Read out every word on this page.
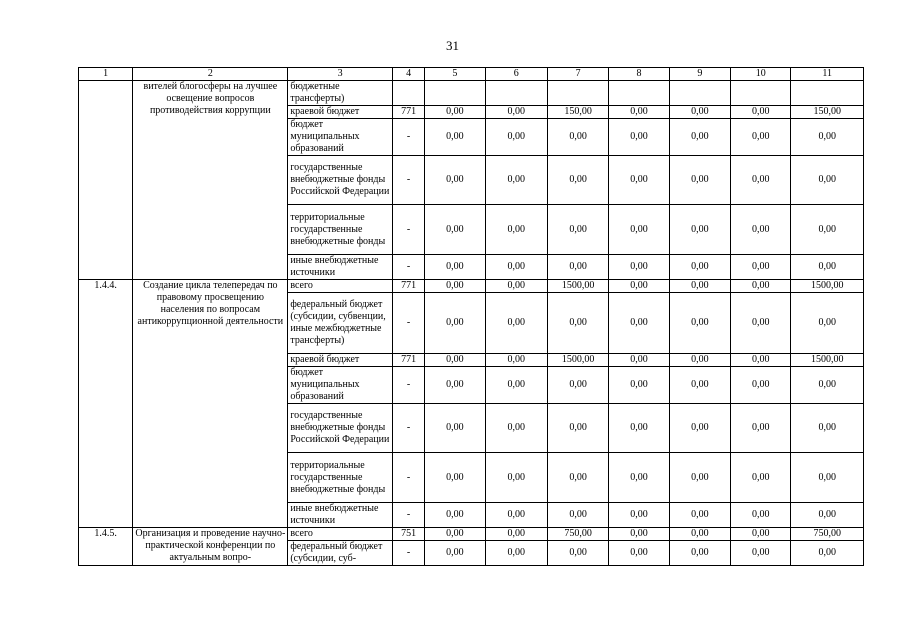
31
1	2	3	4	5	6	7	8	9	10	11
	вителей блогосферы на лучшее освещение вопросов противодействия коррупции	бюджетные трансферты)								
		краевой бюджет	771	0,00	0,00	150,00	0,00	0,00	0,00	150,00
		бюджет муниципальных образований	-	0,00	0,00	0,00	0,00	0,00	0,00	0,00
		государственные внебюджетные фонды Российской Федерации	-	0,00	0,00	0,00	0,00	0,00	0,00	0,00
		территориальные государственные внебюджетные фонды	-	0,00	0,00	0,00	0,00	0,00	0,00	0,00
		иные внебюджетные источники	-	0,00	0,00	0,00	0,00	0,00	0,00	0,00
1.4.4.	Создание цикла телепередач по правовому просвещению населения по вопросам антикоррупционной деятельности	всего	771	0,00	0,00	1500,00	0,00	0,00	0,00	1500,00
		федеральный бюджет (субсидии, субвенции, иные межбюджетные трансферты)	-	0,00	0,00	0,00	0,00	0,00	0,00	0,00
		краевой бюджет	771	0,00	0,00	1500,00	0,00	0,00	0,00	1500,00
		бюджет муниципальных образований	-	0,00	0,00	0,00	0,00	0,00	0,00	0,00
		государственные внебюджетные фонды Российской Федерации	-	0,00	0,00	0,00	0,00	0,00	0,00	0,00
		территориальные государственные внебюджетные фонды	-	0,00	0,00	0,00	0,00	0,00	0,00	0,00
		иные внебюджетные источники	-	0,00	0,00	0,00	0,00	0,00	0,00	0,00
1.4.5.	Организация и проведение научно-практической конференции по актуальным вопро-	всего	751	0,00	0,00	750,00	0,00	0,00	0,00	750,00
		федеральный бюджет (субсидии, суб-	-	0,00	0,00	0,00	0,00	0,00	0,00	0,00
